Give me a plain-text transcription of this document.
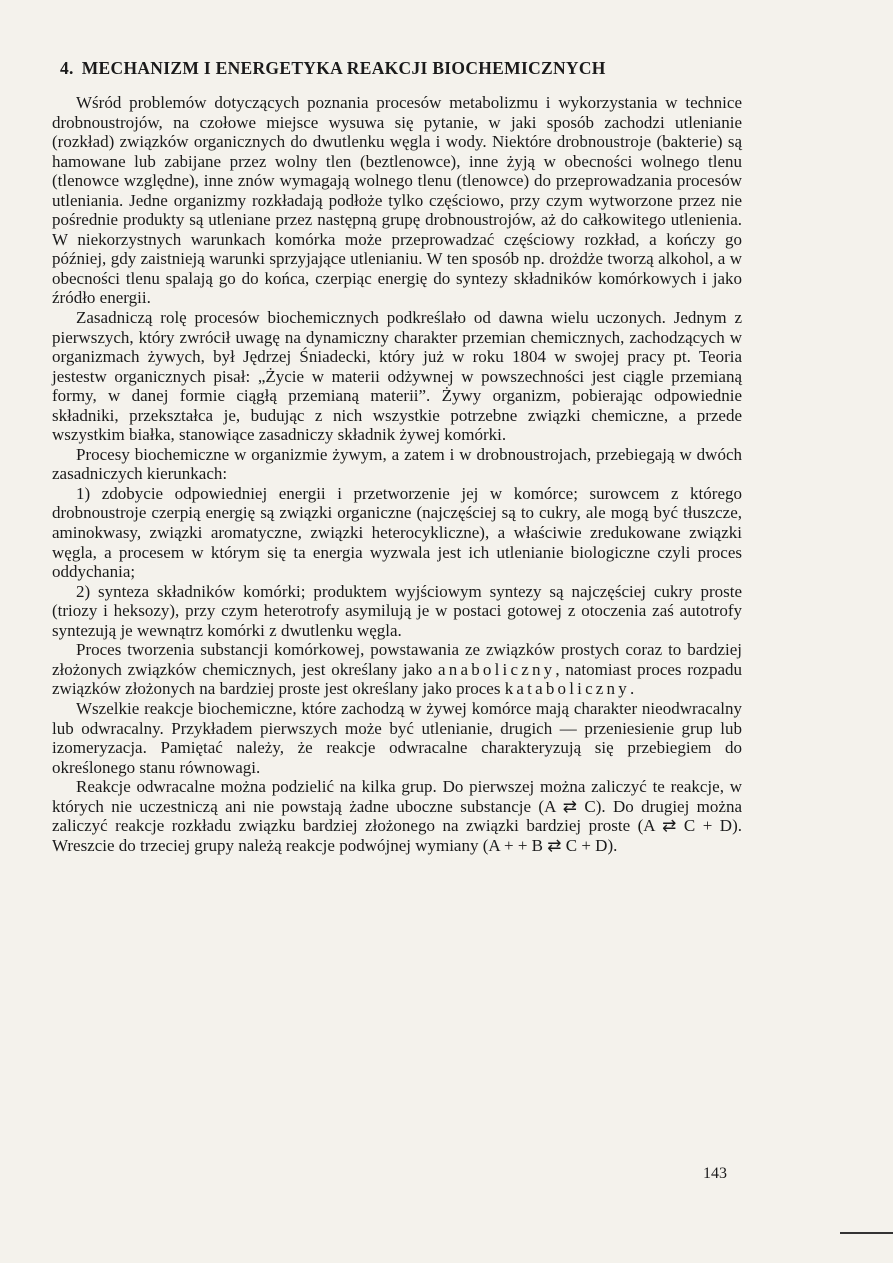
4. MECHANIZM I ENERGETYKA REAKCJI BIOCHEMICZNYCH

Wśród problemów dotyczących poznania procesów metabolizmu i wykorzystania w technice drobnoustrojów, na czołowe miejsce wysuwa się pytanie, w jaki sposób zachodzi utlenianie (rozkład) związków organicznych do dwutlenku węgla i wody. Niektóre drobnoustroje (bakterie) są hamowane lub zabijane przez wolny tlen (beztlenowce), inne żyją w obecności wolnego tlenu (tlenowce względne), inne znów wymagają wolnego tlenu (tlenowce) do przeprowadzania procesów utleniania. Jedne organizmy rozkładają podłoże tylko częściowo, przy czym wytworzone przez nie pośrednie produkty są utleniane przez następną grupę drobnoustrojów, aż do całkowitego utlenienia. W niekorzystnych warunkach komórka może przeprowadzać częściowy rozkład, a kończy go później, gdy zaistnieją warunki sprzyjające utlenianiu. W ten sposób np. drożdże tworzą alkohol, a w obecności tlenu spalają go do końca, czerpiąc energię do syntezy składników komórkowych i jako źródło energii.

Zasadniczą rolę procesów biochemicznych podkreślało od dawna wielu uczonych. Jednym z pierwszych, który zwrócił uwagę na dynamiczny charakter przemian chemicznych, zachodzących w organizmach żywych, był Jędrzej Śniadecki, który już w roku 1804 w swojej pracy pt. Teoria jestestw organicznych pisał: „Życie w materii odżywnej w powszechności jest ciągle przemianą formy, w danej formie ciągłą przemianą materii”. Żywy organizm, pobierając odpowiednie składniki, przekształca je, budując z nich wszystkie potrzebne związki chemiczne, a przede wszystkim białka, stanowiące zasadniczy składnik żywej komórki.

Procesy biochemiczne w organizmie żywym, a zatem i w drobnoustrojach, przebiegają w dwóch zasadniczych kierunkach:

1) zdobycie odpowiedniej energii i przetworzenie jej w komórce; surowcem z którego drobnoustroje czerpią energię są związki organiczne (najczęściej są to cukry, ale mogą być tłuszcze, aminokwasy, związki aromatyczne, związki heterocykliczne), a właściwie zredukowane związki węgla, a procesem w którym się ta energia wyzwala jest ich utlenianie biologiczne czyli proces oddychania;

2) synteza składników komórki; produktem wyjściowym syntezy są najczęściej cukry proste (triozy i heksozy), przy czym heterotrofy asymilują je w postaci gotowej z otoczenia zaś autotrofy syntezują je wewnątrz komórki z dwutlenku węgla.

Proces tworzenia substancji komórkowej, powstawania ze związków prostych coraz to bardziej złożonych związków chemicznych, jest określany jako anaboliczny, natomiast proces rozpadu związków złożonych na bardziej proste jest określany jako proces kataboliczny.

Wszelkie reakcje biochemiczne, które zachodzą w żywej komórce mają charakter nieodwracalny lub odwracalny. Przykładem pierwszych może być utlenianie, drugich — przeniesienie grup lub izomeryzacja. Pamiętać należy, że reakcje odwracalne charakteryzują się przebiegiem do określonego stanu równowagi.

Reakcje odwracalne można podzielić na kilka grup. Do pierwszej można zaliczyć te reakcje, w których nie uczestniczą ani nie powstają żadne uboczne substancje (A ⇄ C). Do drugiej można zaliczyć reakcje rozkładu związku bardziej złożonego na związki bardziej proste (A ⇄ C + D). Wreszcie do trzeciej grupy należą reakcje podwójnej wymiany (A + + B ⇄ C + D).

143
